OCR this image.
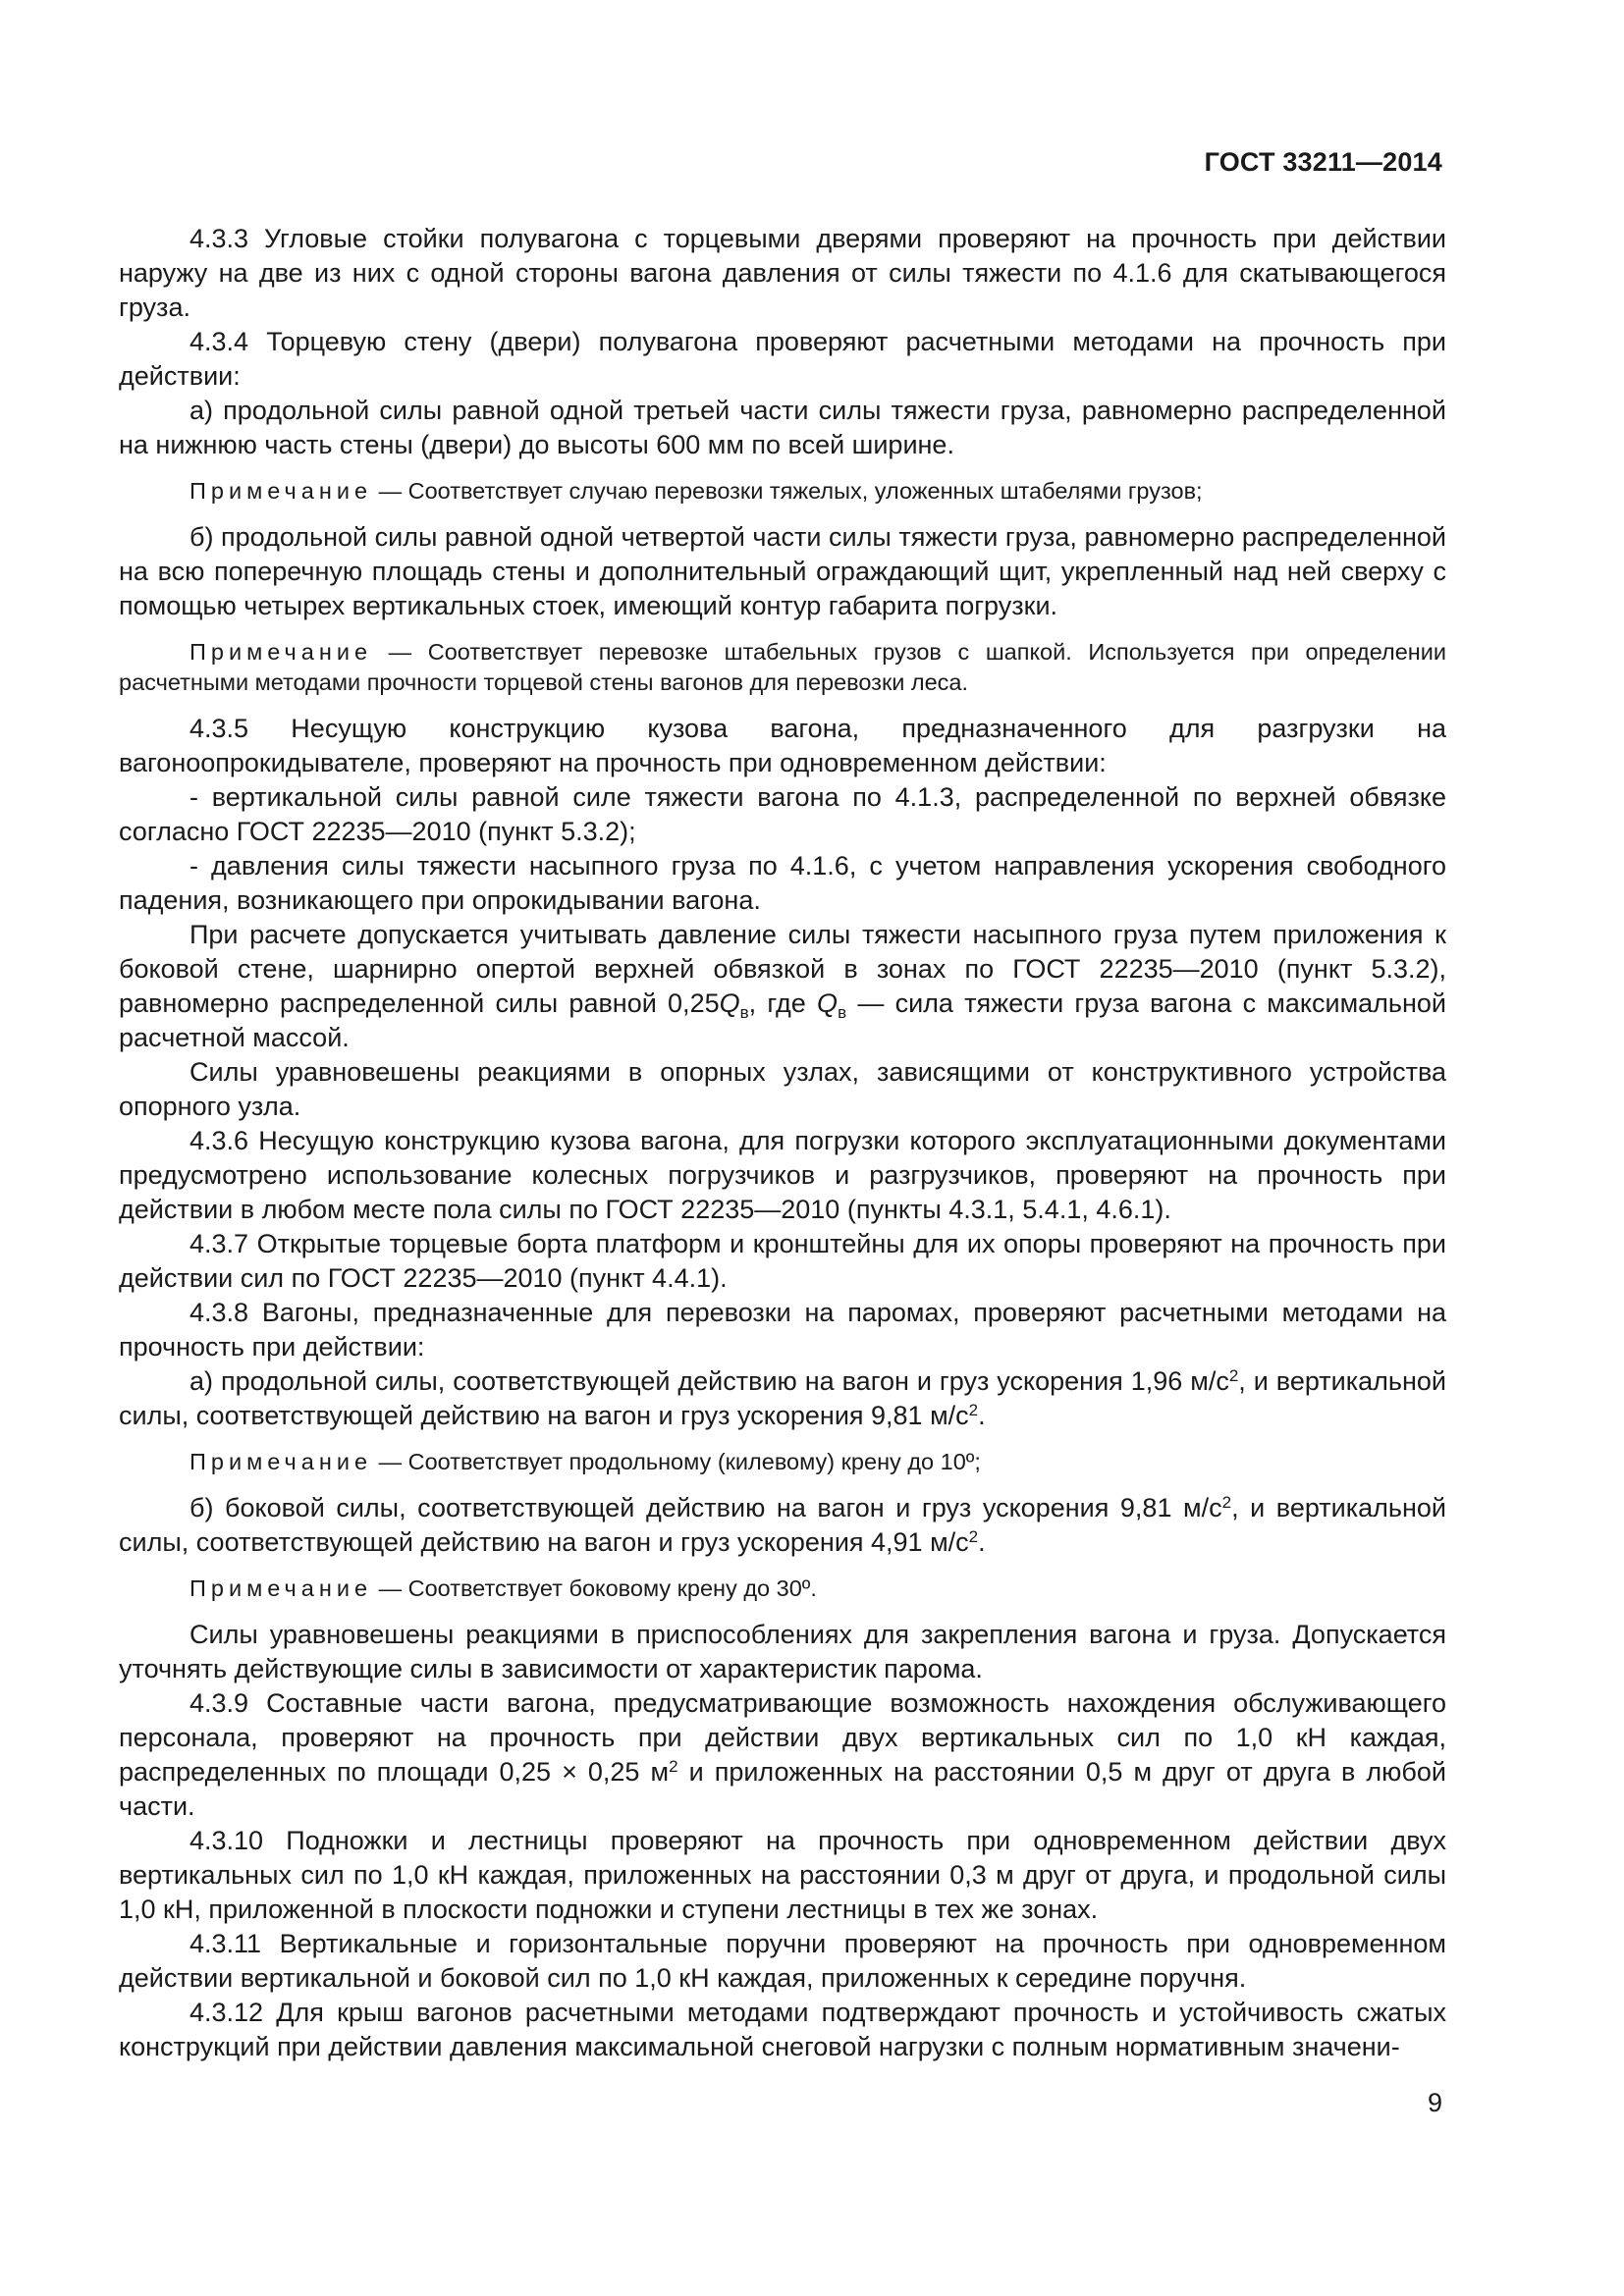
ГОСТ 33211—2014

4.3.3 Угловые стойки полувагона с торцевыми дверями проверяют на прочность при действии наружу на две из них с одной стороны вагона давления от силы тяжести по 4.1.6 для скатывающегося груза.

4.3.4 Торцевую стену (двери) полувагона проверяют расчетными методами на прочность при действии:

а) продольной силы равной одной третьей части силы тяжести груза, равномерно распределенной на нижнюю часть стены (двери) до высоты 600 мм по всей ширине.

Примечание — Соответствует случаю перевозки тяжелых, уложенных штабелями грузов;

б) продольной силы равной одной четвертой части силы тяжести груза, равномерно распределенной на всю поперечную площадь стены и дополнительный ограждающий щит, укрепленный над ней сверху с помощью четырех вертикальных стоек, имеющий контур габарита погрузки.

Примечание — Соответствует перевозке штабельных грузов с шапкой. Используется при определении расчетными методами прочности торцевой стены вагонов для перевозки леса.

4.3.5 Несущую конструкцию кузова вагона, предназначенного для разгрузки на вагоноопрокидывателе, проверяют на прочность при одновременном действии:

- вертикальной силы равной силе тяжести вагона по 4.1.3, распределенной по верхней обвязке согласно ГОСТ 22235—2010 (пункт 5.3.2);

- давления силы тяжести насыпного груза по 4.1.6, с учетом направления ускорения свободного падения, возникающего при опрокидывании вагона.

При расчете допускается учитывать давление силы тяжести насыпного груза путем приложения к боковой стене, шарнирно опертой верхней обвязкой в зонах по ГОСТ 22235—2010 (пункт 5.3.2), равномерно распределенной силы равной $0,25Q_в$, где $Q_в$ — сила тяжести груза вагона с максимальной расчетной массой.

Силы уравновешены реакциями в опорных узлах, зависящими от конструктивного устройства опорного узла.

4.3.6 Несущую конструкцию кузова вагона, для погрузки которого эксплуатационными документами предусмотрено использование колесных погрузчиков и разгрузчиков, проверяют на прочность при действии в любом месте пола силы по ГОСТ 22235—2010 (пункты 4.3.1, 5.4.1, 4.6.1).

4.3.7 Открытые торцевые борта платформ и кронштейны для их опоры проверяют на прочность при действии сил по ГОСТ 22235—2010 (пункт 4.4.1).

4.3.8 Вагоны, предназначенные для перевозки на паромах, проверяют расчетными методами на прочность при действии:

а) продольной силы, соответствующей действию на вагон и груз ускорения 1,96 $м/с^2$, и вертикальной силы, соответствующей действию на вагон и груз ускорения 9,81 $м/с^2$.

Примечание — Соответствует продольному (килевому) крену до 10º;

б) боковой силы, соответствующей действию на вагон и груз ускорения 9,81 $м/с^2$, и вертикальной силы, соответствующей действию на вагон и груз ускорения 4,91 $м/с^2$.

Примечание — Соответствует боковому крену до 30º.

Силы уравновешены реакциями в приспособлениях для закрепления вагона и груза. Допускается уточнять действующие силы в зависимости от характеристик парома.

4.3.9 Составные части вагона, предусматривающие возможность нахождения обслуживающего персонала, проверяют на прочность при действии двух вертикальных сил по 1,0 кН каждая, распределенных по площади 0,25 × 0,25 $м^2$ и приложенных на расстоянии 0,5 м друг от друга в любой части.

4.3.10 Подножки и лестницы проверяют на прочность при одновременном действии двух вертикальных сил по 1,0 кН каждая, приложенных на расстоянии 0,3 м друг от друга, и продольной силы 1,0 кН, приложенной в плоскости подножки и ступени лестницы в тех же зонах.

4.3.11 Вертикальные и горизонтальные поручни проверяют на прочность при одновременном действии вертикальной и боковой сил по 1,0 кН каждая, приложенных к середине поручня.

4.3.12 Для крыш вагонов расчетными методами подтверждают прочность и устойчивость сжатых конструкций при действии давления максимальной снеговой нагрузки с полным нормативным значени-

9
